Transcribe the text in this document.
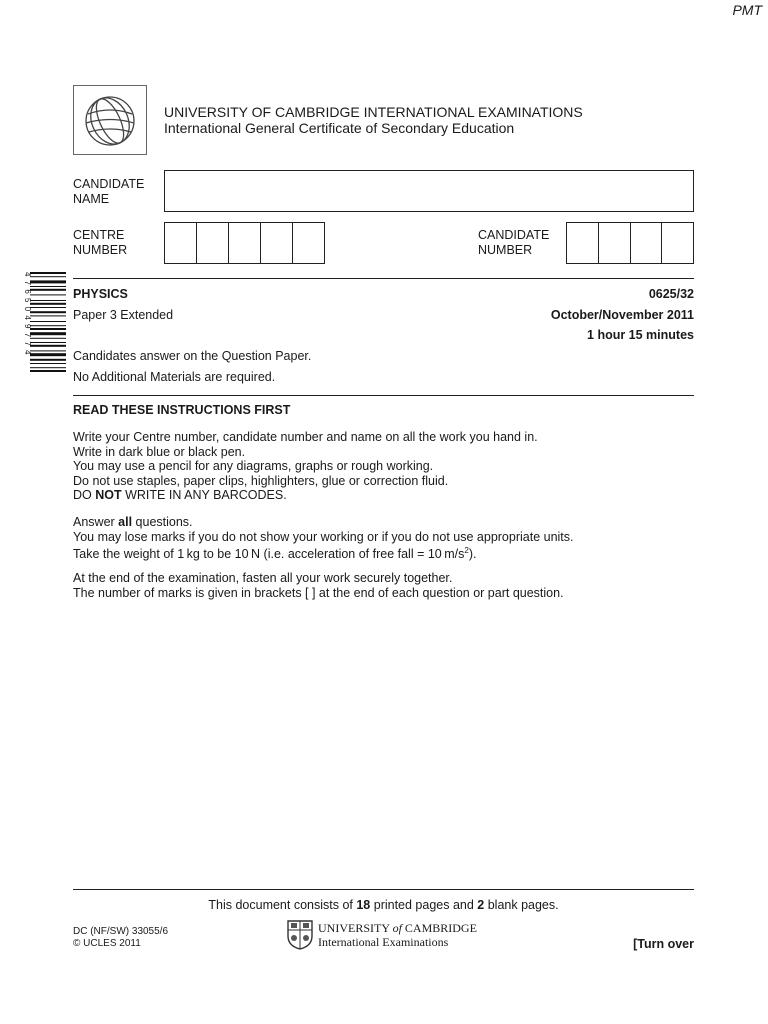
PMT
UNIVERSITY OF CAMBRIDGE INTERNATIONAL EXAMINATIONS
International General Certificate of Secondary Education
CANDIDATE
NAME
CENTRE
NUMBER
CANDIDATE
NUMBER
4 7 6 5 0 4 9 7 7 4	PHYSICS	0625/32
Paper 3 Extended	October/November 2011
1 hour 15 minutes
Candidates answer on the Question Paper.
No Additional Materials are required.
READ THESE INSTRUCTIONS FIRST
Write your Centre number, candidate number and name on all the work you hand in.
Write in dark blue or black pen.
You may use a pencil for any diagrams, graphs or rough working.
Do not use staples, paper clips, highlighters, glue or correction fluid.
DO NOT WRITE IN ANY BARCODES.
Answer all questions.
You may lose marks if you do not show your working or if you do not use appropriate units.
Take the weight of 1 kg to be 10 N (i.e. acceleration of free fall = 10 $m/s^2$).
At the end of the examination, fasten all your work securely together.
The number of marks is given in brackets [ ] at the end of each question or part question.
This document consists of 18 printed pages and 2 blank pages.
DC (NF/SW) 33055/6
© UCLES 2011
UNIVERSITY of CAMBRIDGE
International Examinations	[Turn over
